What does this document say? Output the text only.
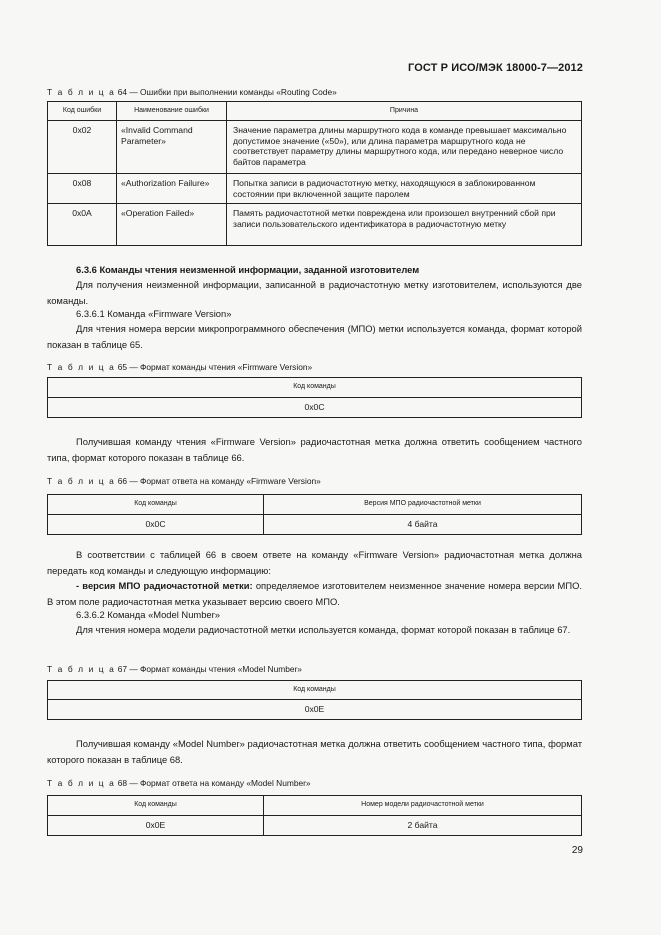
ГОСТ Р ИСО/МЭК 18000-7—2012
Т а б л и ц а 64 — Ошибки при выполнении команды «Routing Code»
Код ошибки	Наименование ошибки	Причина
0x02	«Invalid Command Parameter»	Значение параметра длины маршрутного кода в команде превышает максимально допустимое значение («50»), или длина параметра маршрутного кода не соответствует параметру длины маршрутного кода, или передано неверное число байтов параметра
0x08	«Authorization Failure»	Попытка записи в радиочастотную метку, находящуюся в заблокированном состоянии при включенной защите паролем
0x0A	«Operation Failed»	Память радиочастотной метки повреждена или произошел внутренний сбой при записи пользовательского идентификатора в радиочастотную метку
6.3.6 Команды чтения неизменной информации, заданной изготовителем
Для получения неизменной информации, записанной в радиочастотную метку изготовителем, используются две команды.
6.3.6.1 Команда «Firmware Version»
Для чтения номера версии микропрограммного обеспечения (МПО) метки используется команда, формат которой показан в таблице 65.
Т а б л и ц а 65 — Формат команды чтения «Firmware Version»
Код команды
0x0C
Получившая команду чтения «Firmware Version» радиочастотная метка должна ответить сообщением частного типа, формат которого показан в таблице 66.
Т а б л и ц а 66 — Формат ответа на команду «Firmware Version»
Код команды	Версия МПО радиочастотной метки
0x0C	4 байта
В соответствии с таблицей 66 в своем ответе на команду «Firmware Version» радиочастотная метка должна передать код команды и следующую информацию:
- версия МПО радиочастотной метки: определяемое изготовителем неизменное значение номера версии МПО. В этом поле радиочастотная метка указывает версию своего МПО.
6.3.6.2 Команда «Model Number»
Для чтения номера модели радиочастотной метки используется команда, формат которой показан в таблице 67.
Т а б л и ц а 67 — Формат команды чтения «Model Number»
Код команды
0x0E
Получившая команду «Model Number» радиочастотная метка должна ответить сообщением частного типа, формат которого показан в таблице 68.
Т а б л и ц а 68 — Формат ответа на команду «Model Number»
Код команды	Номер модели радиочастотной метки
0x0E	2 байта
29
